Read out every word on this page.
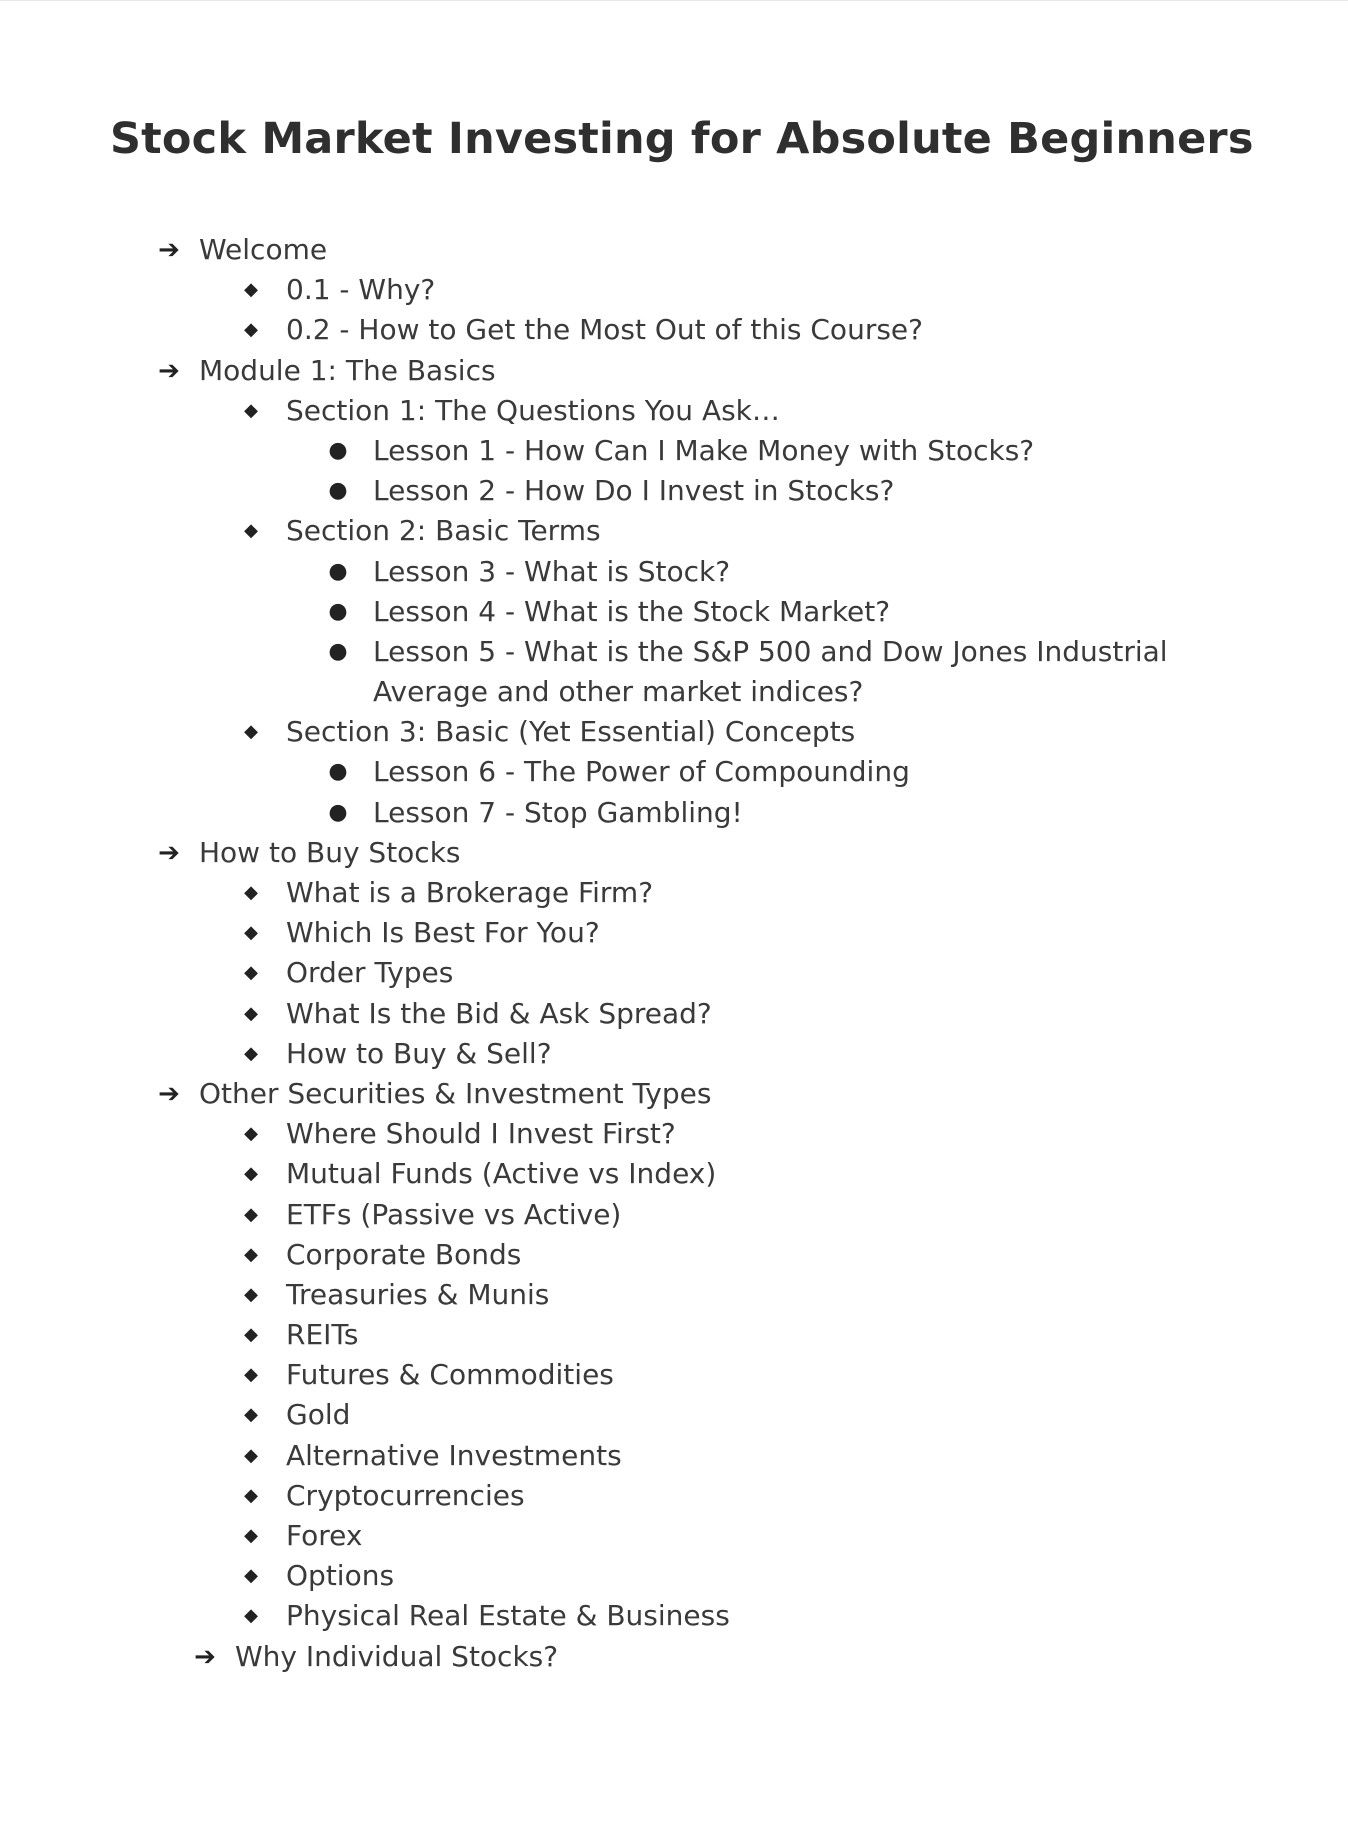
Stock Market Investing for Absolute Beginners
➔ Welcome
◆ 0.1 - Why?
◆ 0.2 - How to Get the Most Out of this Course?
➔ Module 1: The Basics
◆ Section 1: The Questions You Ask…
● Lesson 1 - How Can I Make Money with Stocks?
● Lesson 2 - How Do I Invest in Stocks?
◆ Section 2: Basic Terms
● Lesson 3 - What is Stock?
● Lesson 4 - What is the Stock Market?
● Lesson 5 - What is the S&P 500 and Dow Jones Industrial
Average and other market indices?
◆ Section 3: Basic (Yet Essential) Concepts
● Lesson 6 - The Power of Compounding
● Lesson 7 - Stop Gambling!
➔ How to Buy Stocks
◆ What is a Brokerage Firm?
◆ Which Is Best For You?
◆ Order Types
◆ What Is the Bid & Ask Spread?
◆ How to Buy & Sell?
➔ Other Securities & Investment Types
◆ Where Should I Invest First?
◆ Mutual Funds (Active vs Index)
◆ ETFs (Passive vs Active)
◆ Corporate Bonds
◆ Treasuries & Munis
◆ REITs
◆ Futures & Commodities
◆ Gold
◆ Alternative Investments
◆ Cryptocurrencies
◆ Forex
◆ Options
◆ Physical Real Estate & Business
➔ Why Individual Stocks?
